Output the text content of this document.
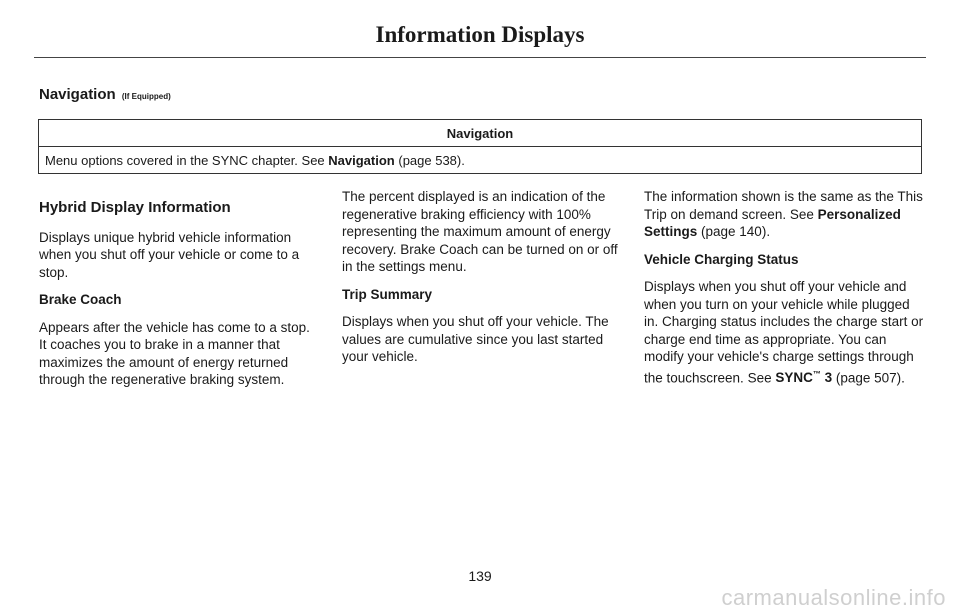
Information Displays
Navigation (If Equipped)
Navigation
Menu options covered in the SYNC chapter. See Navigation (page 538).
Hybrid Display Information

Displays unique hybrid vehicle information when you shut off your vehicle or come to a stop.

Brake Coach

Appears after the vehicle has come to a stop. It coaches you to brake in a manner that maximizes the amount of energy returned through the regenerative braking system.

The percent displayed is an indication of the regenerative braking efficiency with 100% representing the maximum amount of energy recovery. Brake Coach can be turned on or off in the settings menu.

Trip Summary

Displays when you shut off your vehicle. The values are cumulative since you last started your vehicle.

The information shown is the same as the This Trip on demand screen. See Personalized Settings (page 140).

Vehicle Charging Status

Displays when you shut off your vehicle and when you turn on your vehicle while plugged in. Charging status includes the charge start or charge end time as appropriate. You can modify your vehicle's charge settings through the touchscreen. See SYNC™ 3 (page 507).

139
carmanualsonline.info
